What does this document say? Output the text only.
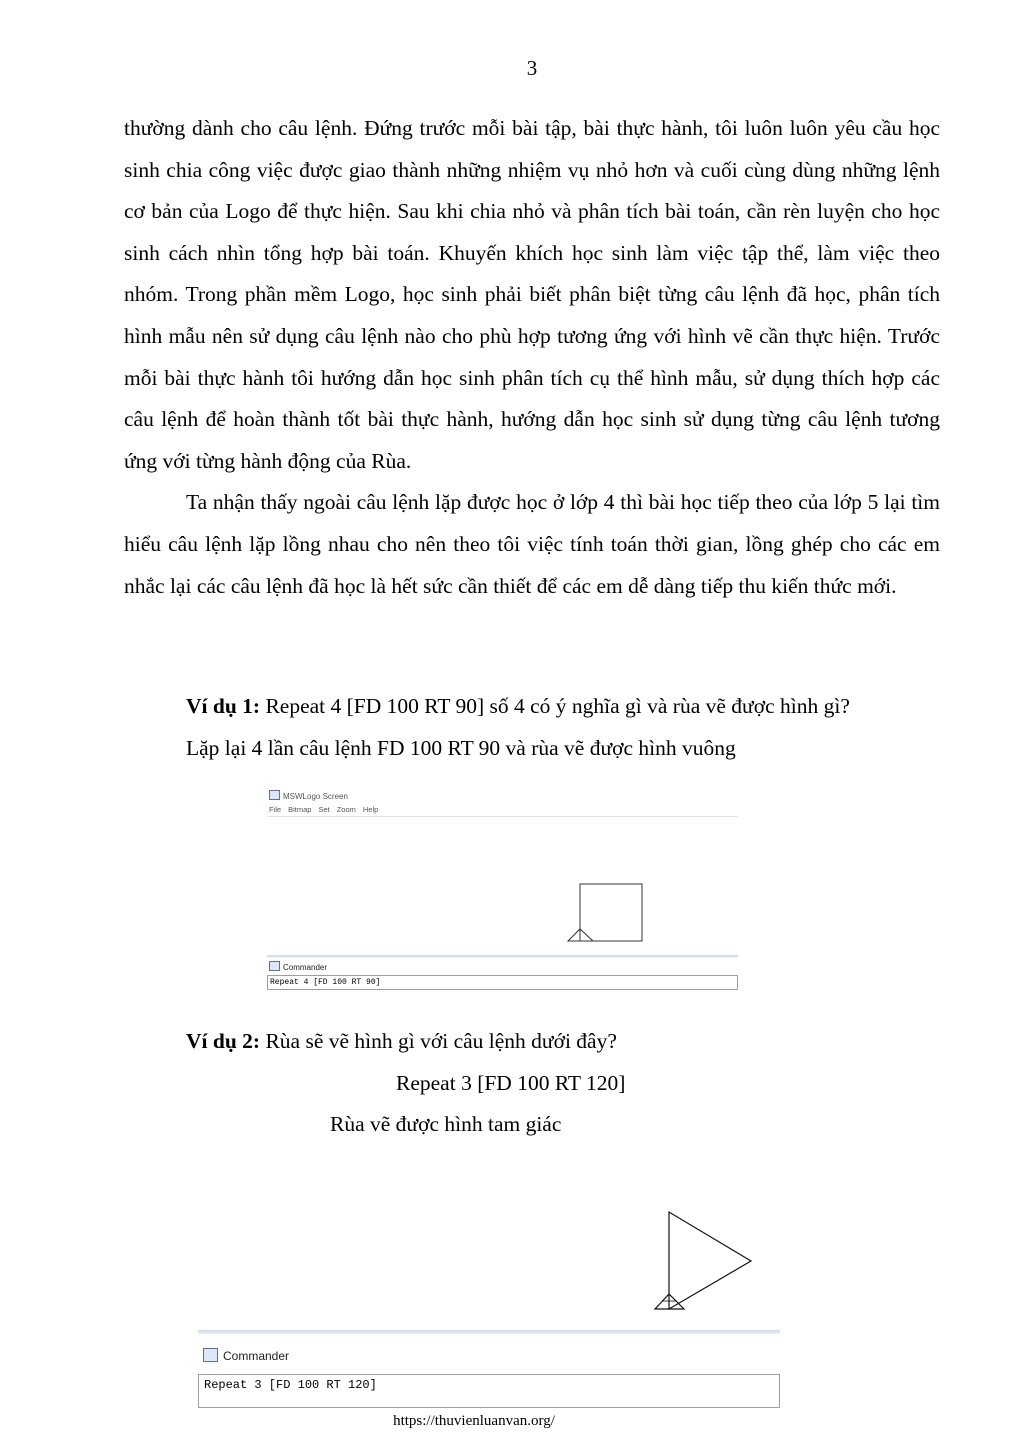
3

thường dành cho câu lệnh. Đứng trước mỗi bài tập, bài thực hành, tôi luôn luôn yêu cầu học sinh chia công việc được giao thành những nhiệm vụ nhỏ hơn và cuối cùng dùng những lệnh cơ bản của Logo để thực hiện. Sau khi chia nhỏ và phân tích bài toán, cần rèn luyện cho học sinh cách nhìn tổng hợp bài toán. Khuyến khích học sinh làm việc tập thể, làm việc theo nhóm. Trong phần mềm Logo, học sinh phải biết phân biệt từng câu lệnh đã học, phân tích hình mẫu nên sử dụng câu lệnh nào cho phù hợp tương ứng với hình vẽ cần thực hiện. Trước mỗi bài thực hành tôi hướng dẫn học sinh phân tích cụ thể hình mẫu, sử dụng thích hợp các câu lệnh để hoàn thành tốt bài thực hành, hướng dẫn học sinh sử dụng từng câu lệnh tương ứng với từng hành động của Rùa.

Ta nhận thấy ngoài câu lệnh lặp được học ở lớp 4 thì bài học tiếp theo của lớp 5 lại tìm hiểu câu lệnh lặp lồng nhau cho nên theo tôi việc tính toán thời gian, lồng ghép cho các em nhắc lại các câu lệnh đã học là hết sức cần thiết để các em dễ dàng tiếp thu kiến thức mới.

Ví dụ 1: Repeat 4 [FD 100 RT 90] số 4 có ý nghĩa gì và rùa vẽ được hình gì?

Lặp lại 4 lần câu lệnh FD 100 RT 90 và rùa vẽ được hình vuông

MSWLogo Screen
File Bitmap Set Zoom Help
Commander
Repeat 4 [FD 100 RT 90]

Ví dụ 2: Rùa sẽ vẽ hình gì với câu lệnh dưới đây?

Repeat 3 [FD 100 RT 120]

Rùa vẽ được hình tam giác

Commander
Repeat 3 [FD 100 RT 120]
https://thuvienluanvan.org/
